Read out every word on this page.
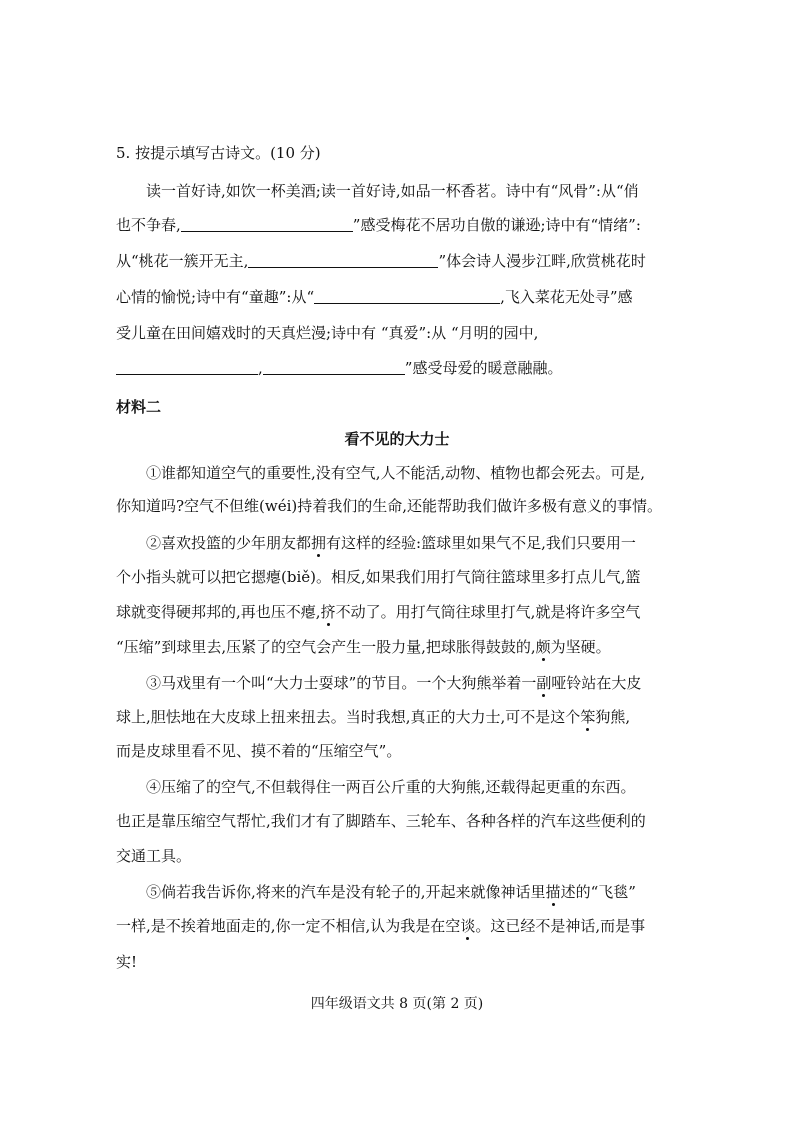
5. 按提示填写古诗文。(10 分)
读一首好诗,如饮一杯美酒;读一首好诗,如品一杯香茗。诗中有“风骨”:从“俏
也不争春,	”感受梅花不居功自傲的谦逊;诗中有“情绪”:
从“桃花一簇开无主,	”体会诗人漫步江畔,欣赏桃花时
心情的愉悦;诗中有“童趣”:从“	,飞入菜花无处寻”感
受儿童在田间嬉戏时的天真烂漫;诗中有 “真爱”:从 “月明的园中,
,	”感受母爱的暖意融融。
材料二
看不见的大力士
①谁都知道空气的重要性,没有空气,人不能活,动物、植物也都会死去。可是,
你知道吗?空气不但维(wéi)持着我们的生命,还能帮助我们做许多极有意义的事情。
②喜欢投篮的少年朋友都拥有这样的经验:篮球里如果气不足,我们只要用一
个小指头就可以把它摁瘪(biě)。相反,如果我们用打气筒往篮球里多打点儿气,篮
球就变得硬邦邦的,再也压不瘪,挤不动了。用打气筒往球里打气,就是将许多空气
“压缩”到球里去,压紧了的空气会产生一股力量,把球胀得鼓鼓的,颇为坚硬。
③马戏里有一个叫“大力士耍球”的节目。一个大狗熊举着一副哑铃站在大皮
球上,胆怯地在大皮球上扭来扭去。当时我想,真正的大力士,可不是这个笨狗熊,
而是皮球里看不见、摸不着的“压缩空气”。
④压缩了的空气,不但载得住一两百公斤重的大狗熊,还载得起更重的东西。
也正是靠压缩空气帮忙,我们才有了脚踏车、三轮车、各种各样的汽车这些便利的
交通工具。
⑤倘若我告诉你,将来的汽车是没有轮子的,开起来就像神话里描述的“飞毯”
一样,是不挨着地面走的,你一定不相信,认为我是在空谈。这已经不是神话,而是事
实!
四年级语文共 8 页(第 2 页)
